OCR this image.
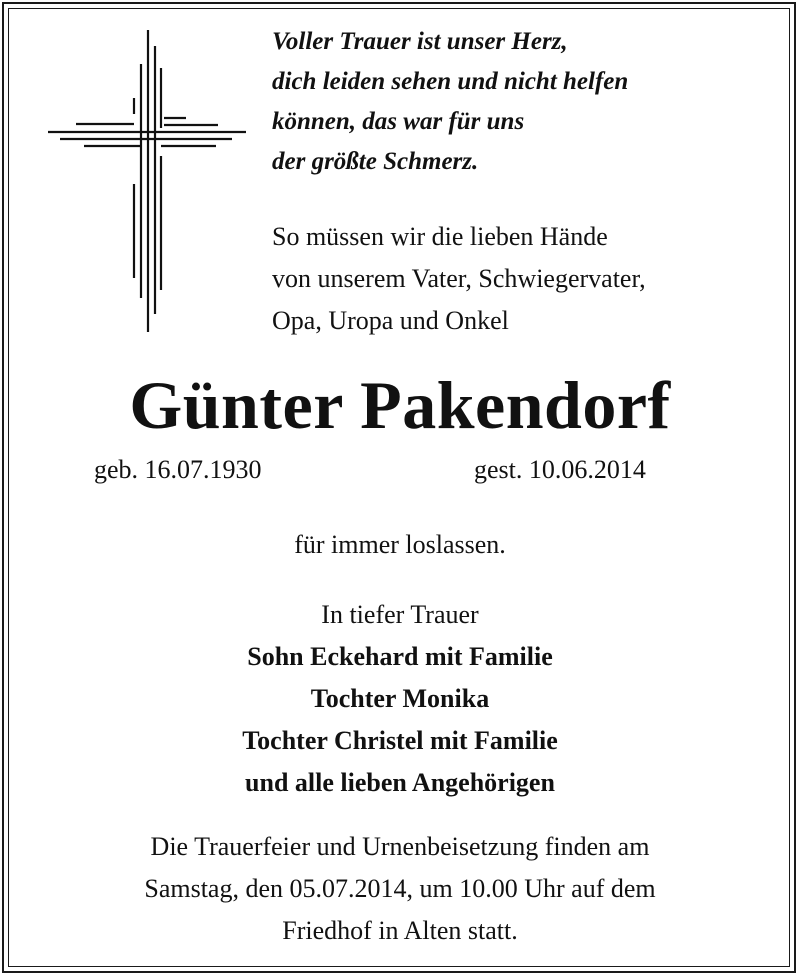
Voller Trauer ist unser Herz,
dich leiden sehen und nicht helfen
können, das war für uns
der größte Schmerz.
So müssen wir die lieben Hände
von unserem Vater, Schwiegervater,
Opa, Uropa und Onkel
Günter Pakendorf
geb. 16.07.1930	gest. 10.06.2014
für immer loslassen.
In tiefer Trauer
Sohn Eckehard mit Familie
Tochter Monika
Tochter Christel mit Familie
und alle lieben Angehörigen
Die Trauerfeier und Urnenbeisetzung finden am
Samstag, den 05.07.2014, um 10.00 Uhr auf dem
Friedhof in Alten statt.
